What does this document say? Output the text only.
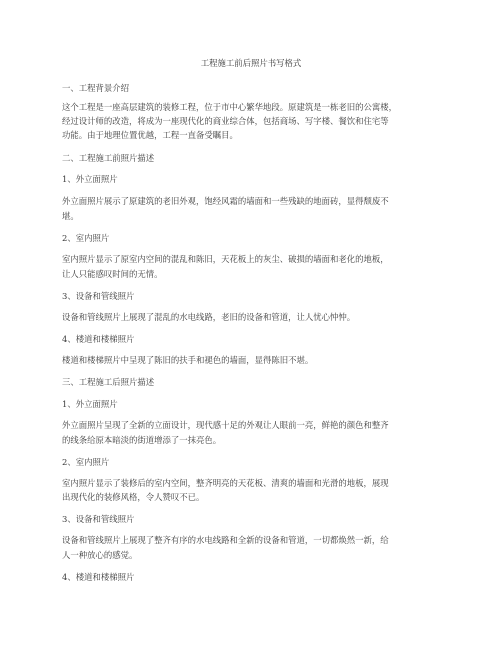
工程施工前后照片书写格式
一、工程背景介绍
这个工程是一座高层建筑的装修工程，位于市中心繁华地段。原建筑是一栋老旧的公寓楼，
经过设计师的改造，将成为一座现代化的商业综合体，包括商场、写字楼、餐饮和住宅等
功能。由于地理位置优越，工程一直备受瞩目。
二、工程施工前照片描述
1、外立面照片
外立面照片展示了原建筑的老旧外观，饱经风霜的墙面和一些残缺的地面砖，显得颓废不
堪。
2、室内照片
室内照片显示了原室内空间的混乱和陈旧，天花板上的灰尘、破损的墙面和老化的地板，
让人只能感叹时间的无情。
3、设备和管线照片
设备和管线照片上展现了混乱的水电线路，老旧的设备和管道，让人忧心忡忡。
4、楼道和楼梯照片
楼道和楼梯照片中呈现了陈旧的扶手和褪色的墙面，显得陈旧不堪。
三、工程施工后照片描述
1、外立面照片
外立面照片呈现了全新的立面设计，现代感十足的外观让人眼前一亮，鲜艳的颜色和整齐
的线条给原本暗淡的街道增添了一抹亮色。
2、室内照片
室内照片显示了装修后的室内空间，整齐明亮的天花板、清爽的墙面和光滑的地板，展现
出现代化的装修风格，令人赞叹不已。
3、设备和管线照片
设备和管线照片上展现了整齐有序的水电线路和全新的设备和管道，一切都焕然一新，给
人一种放心的感觉。
4、楼道和楼梯照片
